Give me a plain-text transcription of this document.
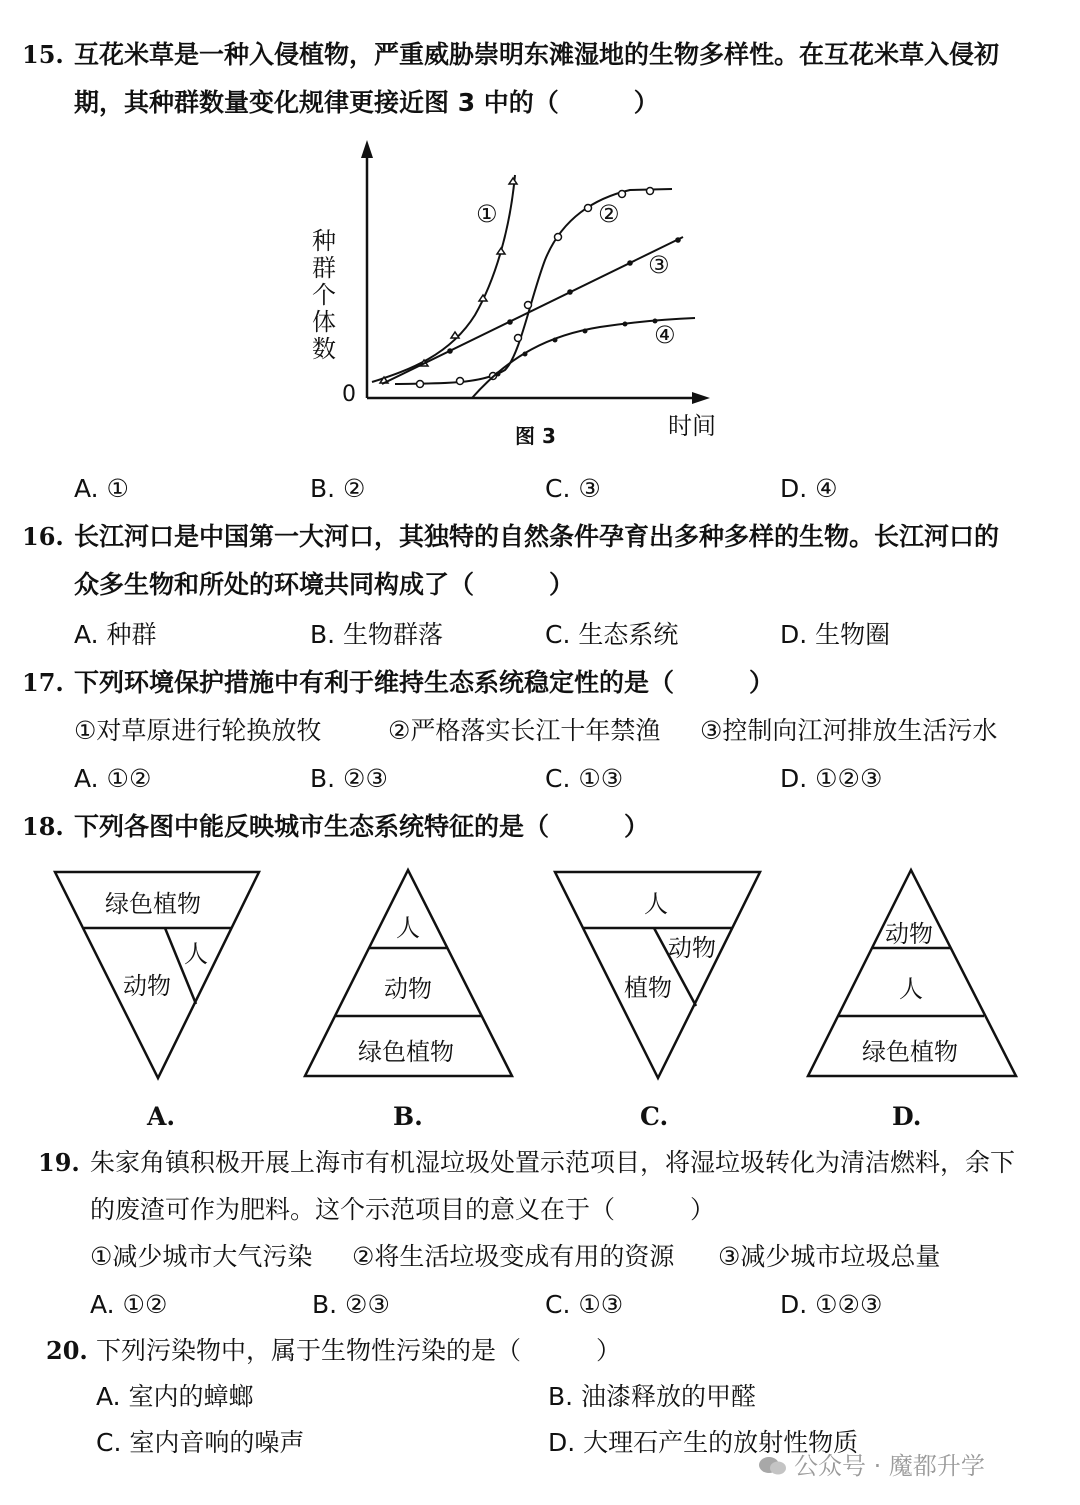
15. 互花米草是一种入侵植物，严重威胁崇明东滩湿地的生物多样性。在互花米草入侵初
期，其种群数量变化规律更接近图 3 中的（　　　）
①	②
③
④
0
图 3	时间
种群个体数
A. ①	B. ②	C. ③	D. ④
16. 长江河口是中国第一大河口，其独特的自然条件孕育出多种多样的生物。长江河口的
众多生物和所处的环境共同构成了（　　　）
A. 种群	B. 生物群落	C. 生态系统	D. 生物圈
17. 下列环境保护措施中有利于维持生态系统稳定性的是（　　　）
①对草原进行轮换放牧	②严格落实长江十年禁渔 ③控制向江河排放生活污水
A. ①②	B. ②③	C. ①③	D. ①②③
18. 下列各图中能反映城市生态系统特征的是（　　　）
绿色植物
人
动物
人
动物
绿色植物
人
动物
植物
动物
人
绿色植物
A.	B.	C.	D.
19. 朱家角镇积极开展上海市有机湿垃圾处置示范项目，将湿垃圾转化为清洁燃料，余下
的废渣可作为肥料。这个示范项目的意义在于（　　　）
①减少城市大气污染 ②将生活垃圾变成有用的资源 ③减少城市垃圾总量
A. ①②	B. ②③	C. ①③	D. ①②③
20. 下列污染物中，属于生物性污染的是（　　　）
A. 室内的蟑螂	B. 油漆释放的甲醛
C. 室内音响的噪声	D. 大理石产生的放射性物质
公众号 · 魔都升学
